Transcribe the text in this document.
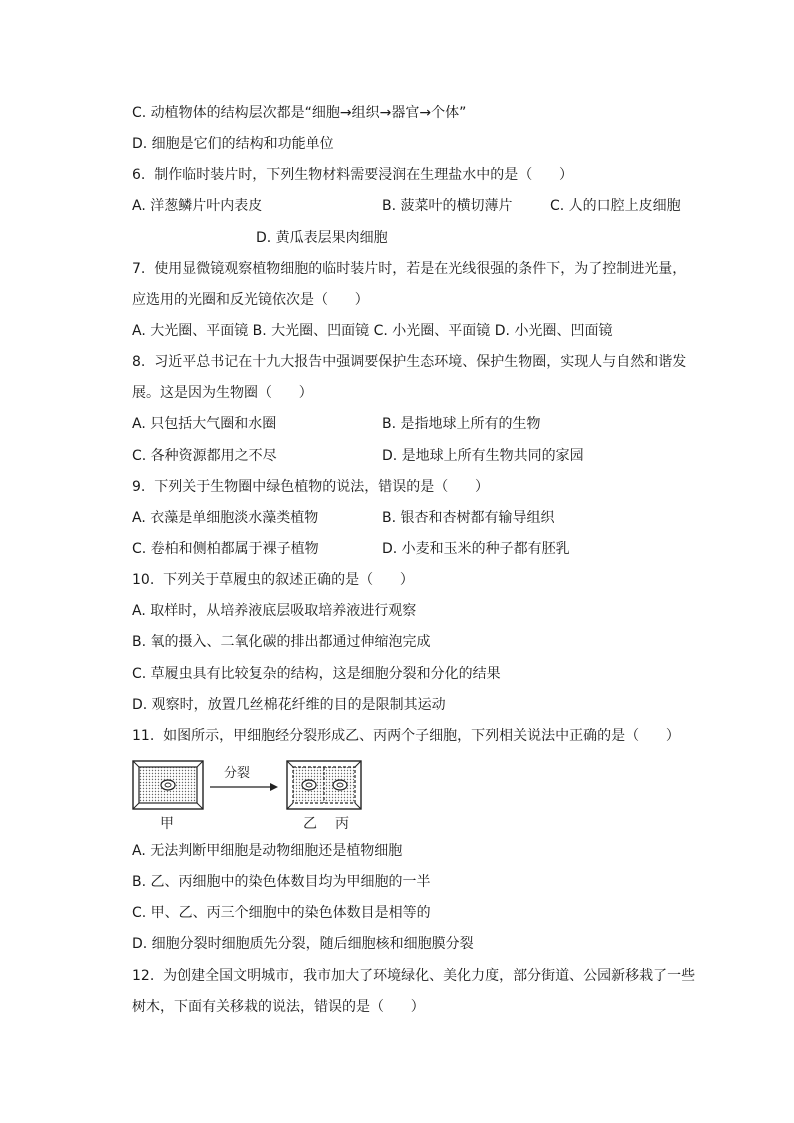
C. 动植物体的结构层次都是“细胞→组织→器官→个体”
D. 细胞是它们的结构和功能单位
6.  制作临时装片时，下列生物材料需要浸润在生理盐水中的是（      ）
A. 洋葱鳞片叶内表皮	B. 菠菜叶的横切薄片	C. 人的口腔上皮细胞
D. 黄瓜表层果肉细胞
7.  使用显微镜观察植物细胞的临时装片时，若是在光线很强的条件下，为了控制进光量，
应选用的光圈和反光镜依次是（      ）
A. 大光圈、平面镜 B. 大光圈、凹面镜 C. 小光圈、平面镜 D. 小光圈、凹面镜
8.  习近平总书记在十九大报告中强调要保护生态环境、保护生物圈，实现人与自然和谐发
展。这是因为生物圈（      ）
A. 只包括大气圈和水圈	B. 是指地球上所有的生物
C. 各种资源都用之不尽	D. 是地球上所有生物共同的家园
9.  下列关于生物圈中绿色植物的说法，错误的是（      ）
A. 衣藻是单细胞淡水藻类植物	B. 银杏和杏树都有输导组织
C. 卷柏和侧柏都属于裸子植物	D. 小麦和玉米的种子都有胚乳
10.  下列关于草履虫的叙述正确的是（      ）
A. 取样时，从培养液底层吸取培养液进行观察
B. 氧的摄入、二氧化碳的排出都通过伸缩泡完成
C. 草履虫具有比较复杂的结构，这是细胞分裂和分化的结果
D. 观察时，放置几丝棉花纤维的目的是限制其运动
11.  如图所示，甲细胞经分裂形成乙、丙两个子细胞，下列相关说法中正确的是（      ）
分裂
甲	乙 丙
A. 无法判断甲细胞是动物细胞还是植物细胞
B. 乙、丙细胞中的染色体数目均为甲细胞的一半
C. 甲、乙、丙三个细胞中的染色体数目是相等的
D. 细胞分裂时细胞质先分裂，随后细胞核和细胞膜分裂
12.  为创建全国文明城市，我市加大了环境绿化、美化力度，部分街道、公园新移栽了一些
树木，下面有关移栽的说法，错误的是（      ）
